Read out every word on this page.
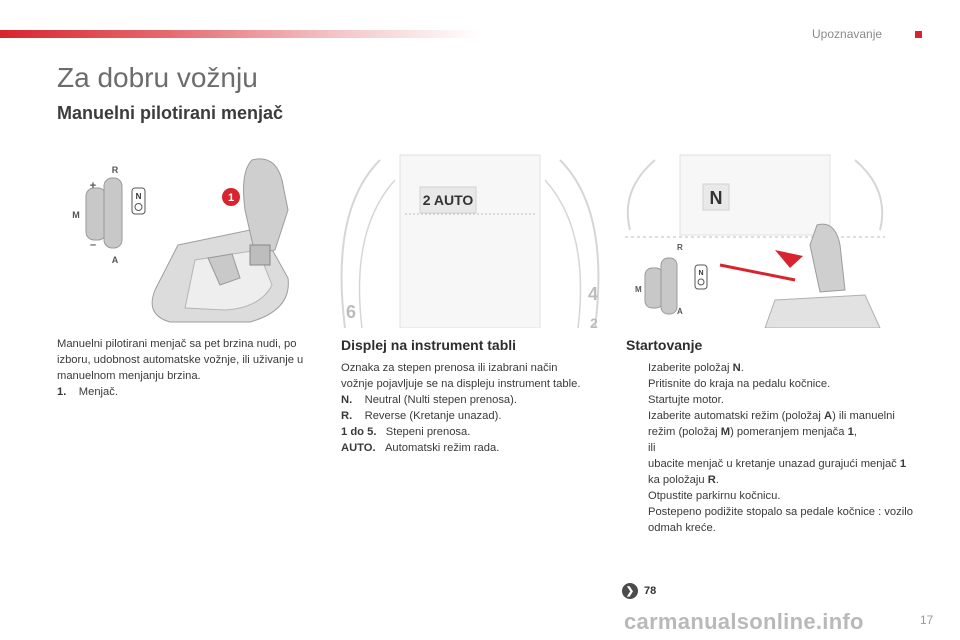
Upoznavanje
Za dobru vožnju
Manuelni pilotirani menjač
1
R
A
M
+
–
N	2 AUTO
6
4
2
N
R
A
M
N

Manuelni pilotirani menjač sa pet brzina nudi, po izboru, udobnost automatske vožnje, ili uživanje u manuelnom menjanju brzina.

1. Menjač.

Displej na instrument tabli

Oznaka za stepen prenosa ili izabrani način vožnje pojavljuje se na displeju instrument table.

N. Neutral (Nulti stepen prenosa).

R. Reverse (Kretanje unazad).

1 do 5. Stepeni prenosa.

AUTO. Automatski režim rada.

Startovanje
Izaberite položaj N.
Pritisnite do kraja na pedalu kočnice.
Startujte motor.
Izaberite automatski režim (položaj A) ili manuelni režim (položaj M) pomeranjem menjača 1,
ili
ubacite menjač u kretanje unazad gurajući menjač 1 ka položaju R.
Otpustite parkirnu kočnicu.
Postepeno podižite stopalo sa pedale kočnice : vozilo odmah kreće.
❯ 78
carmanualsonline.info	17
